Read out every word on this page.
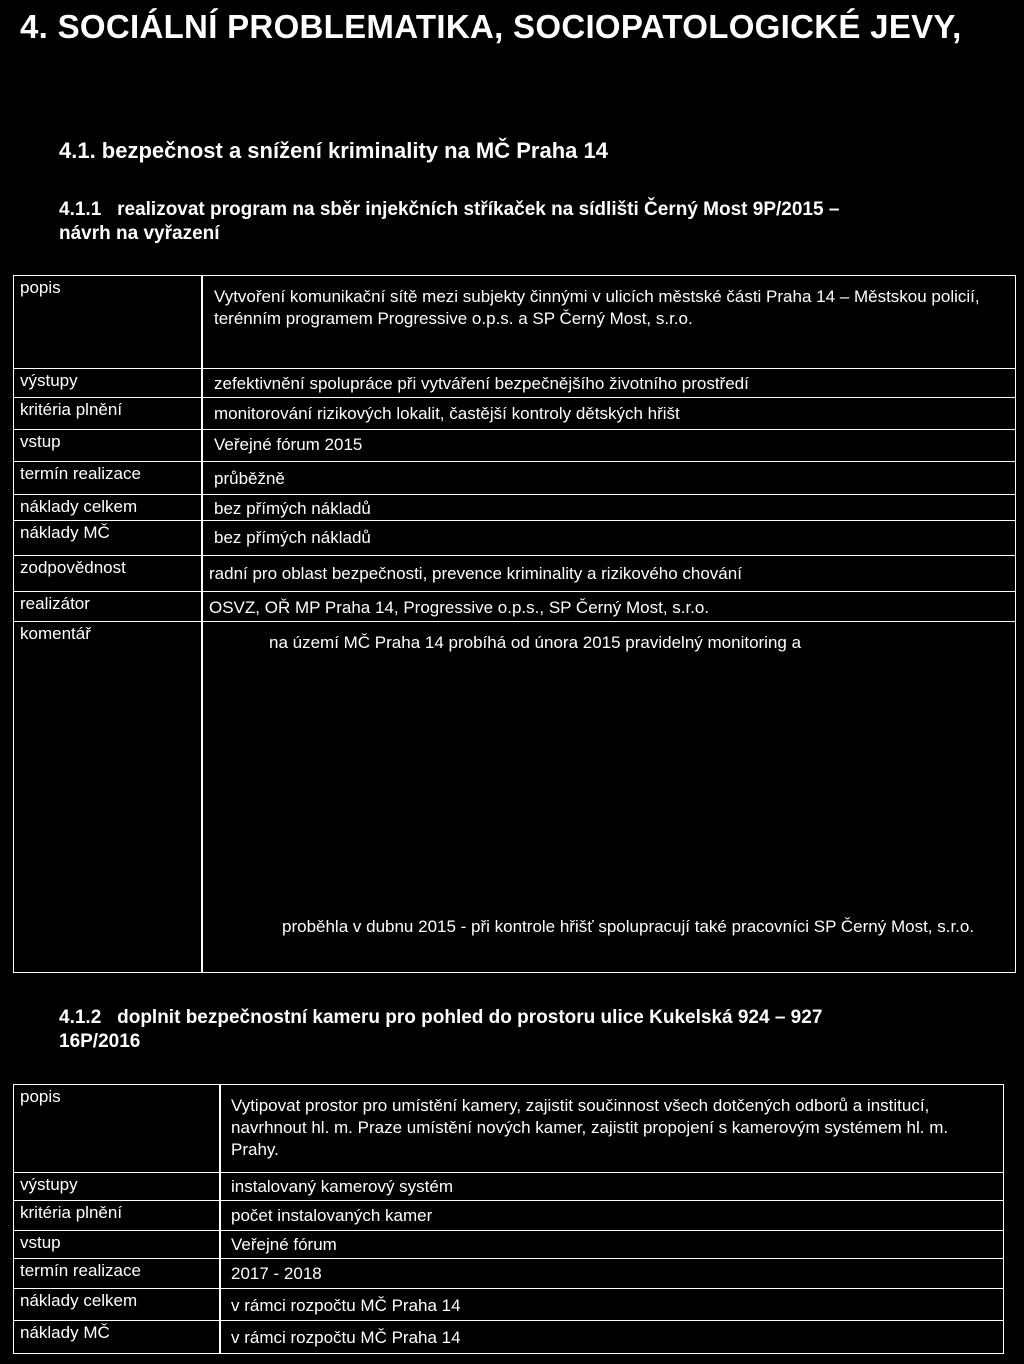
4. SOCIÁLNÍ PROBLEMATIKA, SOCIOPATOLOGICKÉ JEVY,
4.1. bezpečnost a snížení kriminality na MČ Praha 14
4.1.1 realizovat program na sběr injekčních stříkaček na sídlišti Černý Most 9P/2015 –
návrh na vyřazení
popis	Vytvoření komunikační sítě mezi subjekty činnými v ulicích městské části Praha 14 – Městskou policií, terénním programem Progressive o.p.s. a SP Černý Most, s.r.o.
výstupy	zefektivnění spolupráce při vytváření bezpečnějšího životního prostředí
kritéria plnění	monitorování rizikových lokalit, častější kontroly dětských hřišt
vstup	Veřejné fórum 2015
termín realizace	průběžně
náklady celkem	bez přímých nákladů
náklady MČ	bez přímých nákladů
zodpovědnost	radní pro oblast bezpečnosti, prevence kriminality a rizikového chování
realizátor	OSVZ, OŘ MP Praha 14, Progressive o.p.s., SP Černý Most, s.r.o.
komentář	na území MČ Praha 14 probíhá od února 2015 pravidelný monitoring a
proběhla v dubnu 2015 - při kontrole hřišť spolupracují také pracovníci SP Černý Most, s.r.o.
4.1.2 doplnit bezpečnostní kameru pro pohled do prostoru ulice Kukelská 924 – 927
16P/2016
popis	Vytipovat prostor pro umístění kamery, zajistit součinnost všech dotčených odborů a institucí, navrhnout hl. m. Praze umístění nových kamer, zajistit propojení s kamerovým systémem hl. m. Prahy.
výstupy	instalovaný kamerový systém
kritéria plnění	počet instalovaných kamer
vstup	Veřejné fórum
termín realizace	2017 - 2018
náklady celkem	v rámci rozpočtu MČ Praha 14
náklady MČ	v rámci rozpočtu MČ Praha 14
